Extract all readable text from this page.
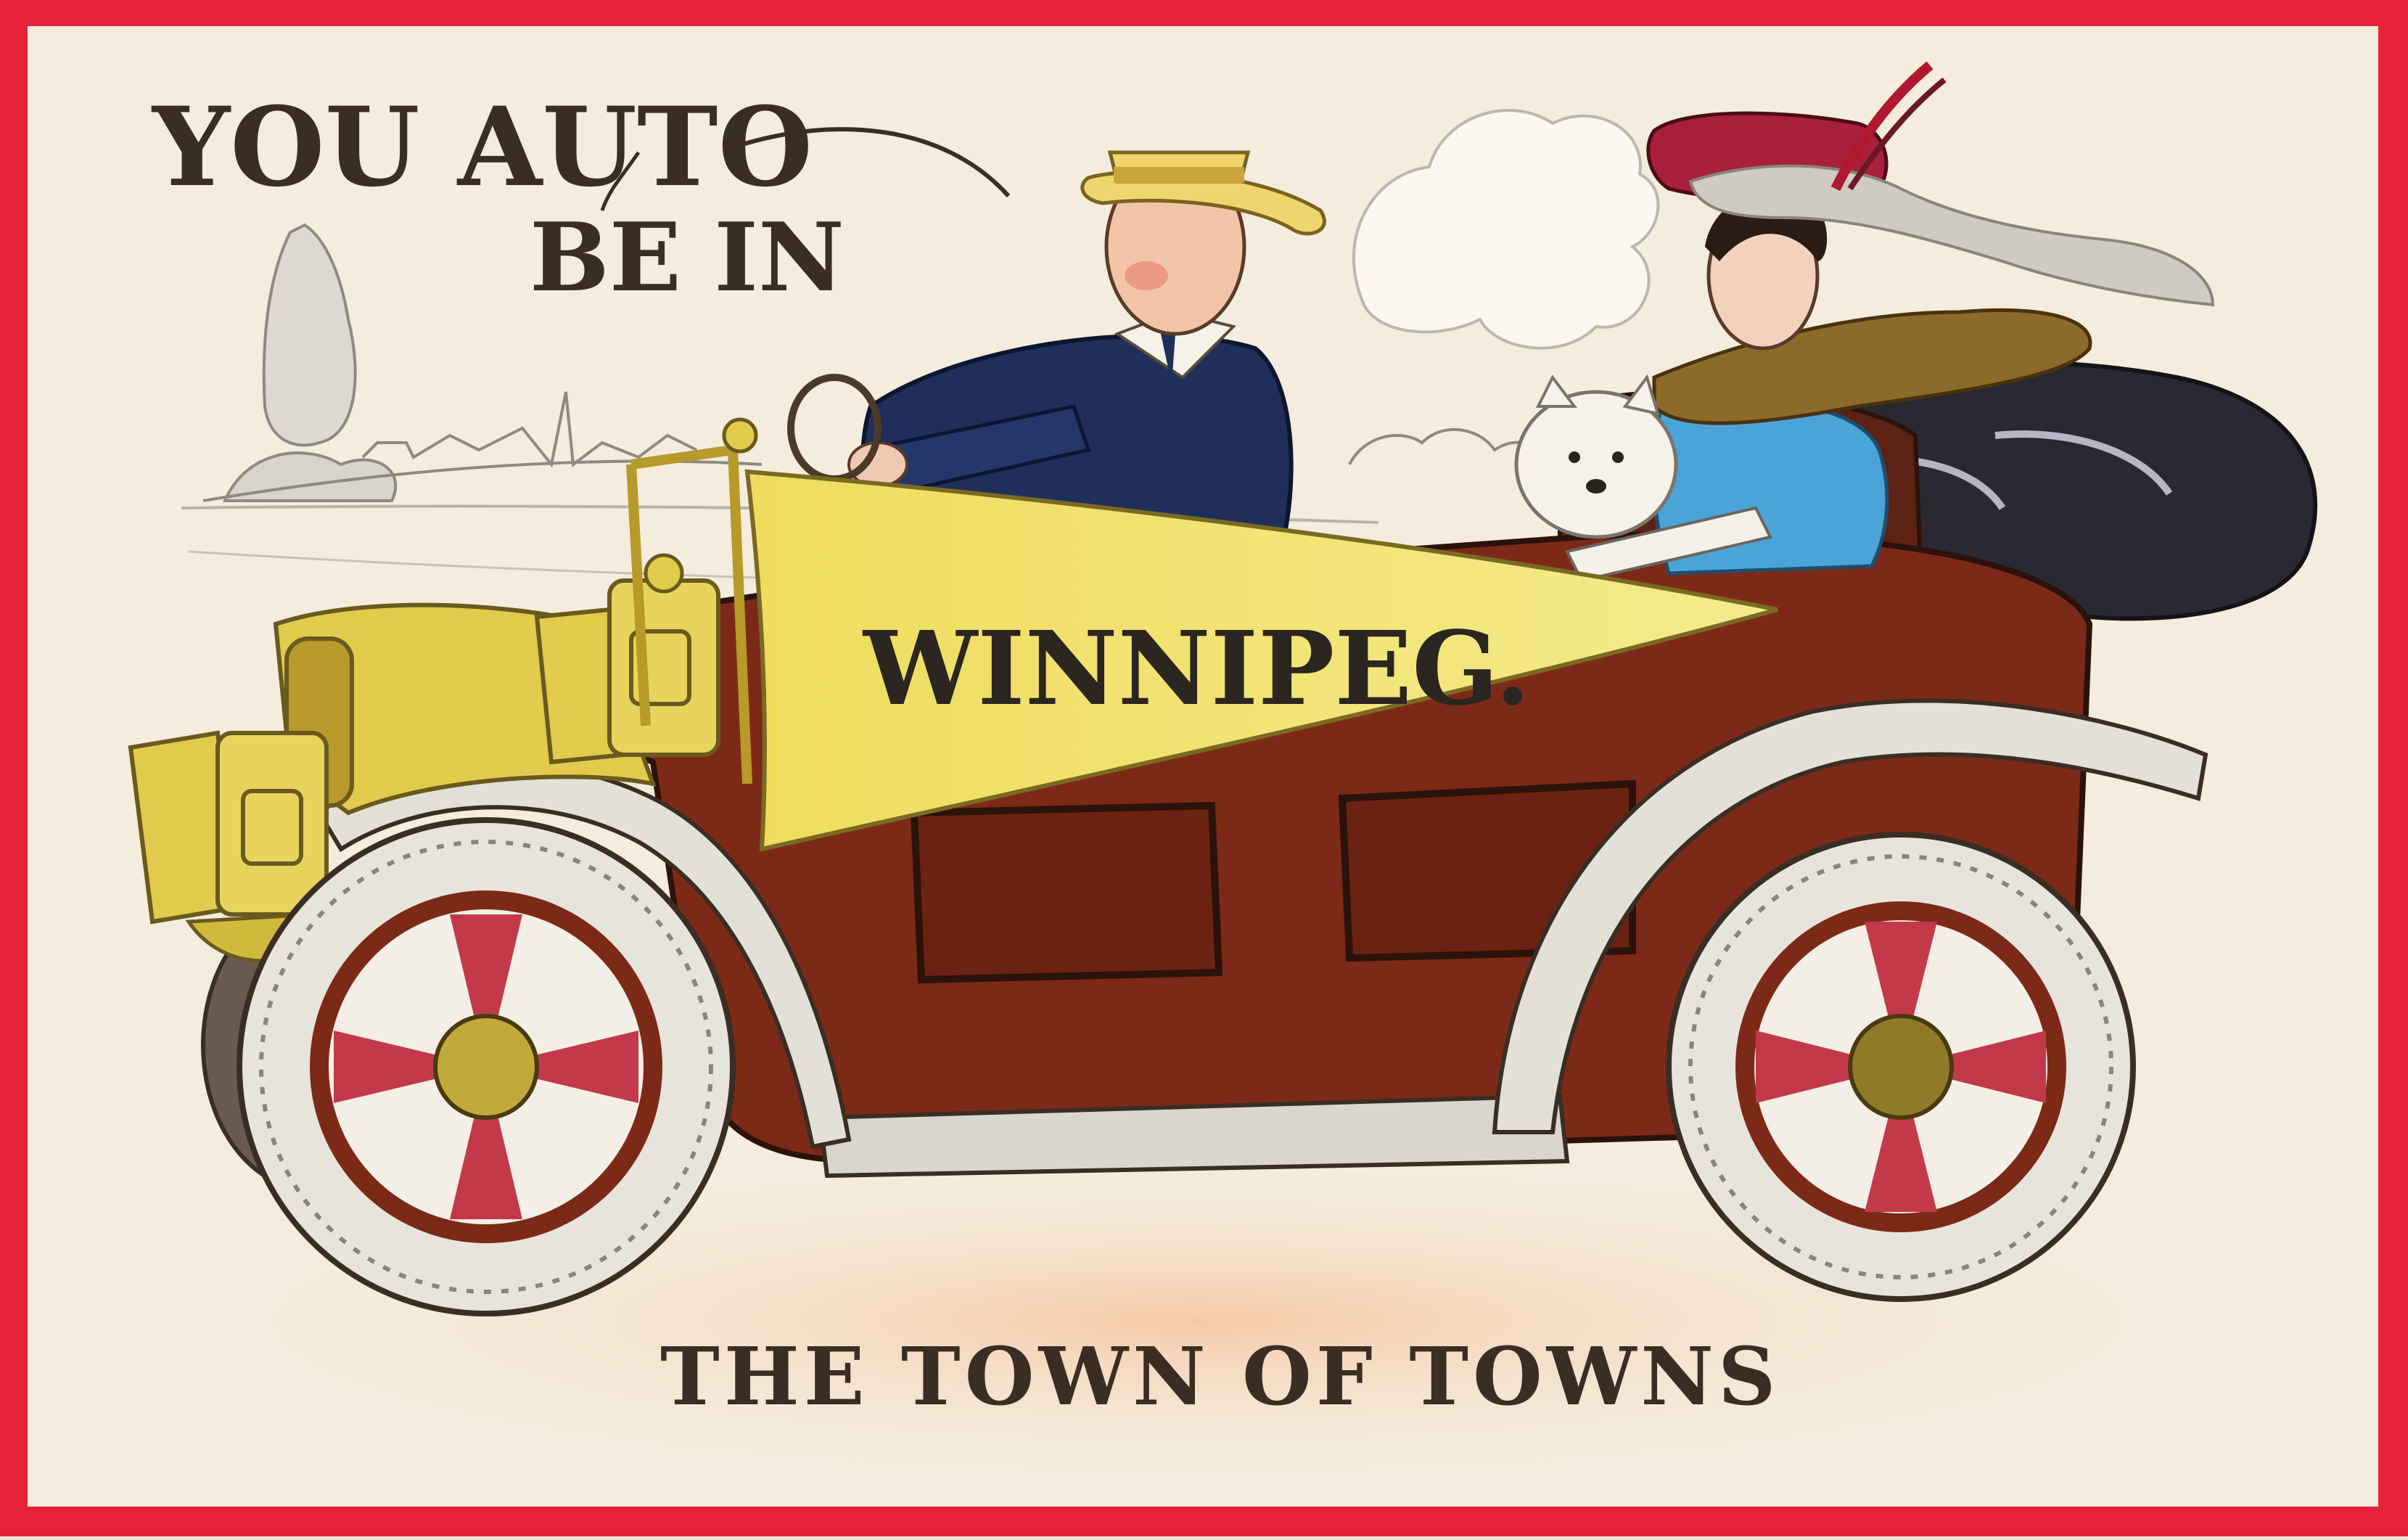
YOU AUTO
BE IN
WINNIPEG.
THE TOWN OF TOWNS
